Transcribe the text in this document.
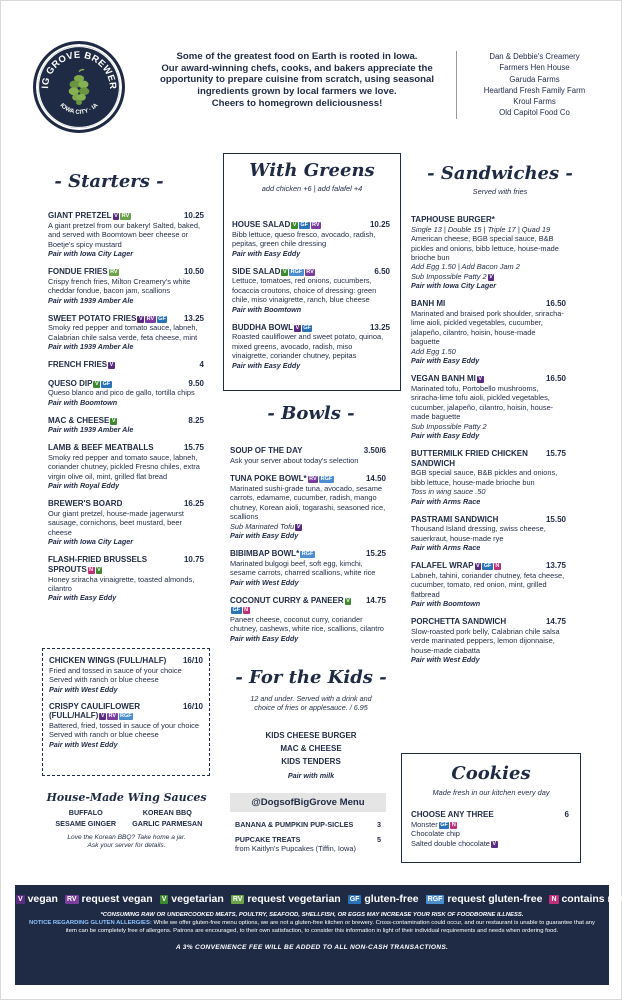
IG GROVE BREWER
IOWA CITY · IA
Some of the greatest food on Earth is rooted in Iowa.
Our award-winning chefs, cooks, and bakers appreciate the
opportunity to prepare cuisine from scratch, using seasonal
ingredients grown by local farmers we love.
Cheers to homegrown deliciousness!
Dan & Debbie's Creamery
Farmers Hen House
Garuda Farms
Heartland Fresh Family Farm
Kroul Farms
Old Capitol Food Co
- Starters -
GIANT PRETZEL V RV	10.25
A giant pretzel from our bakery! Salted, baked, and served with Boomtown beer cheese or Boetje's spicy mustard
Pair with Iowa City Lager
FONDUE FRIES RV	10.50
Crispy french fries, Milton Creamery's white cheddar fondue, bacon jam, scallions
Pair with 1939 Amber Ale
SWEET POTATO FRIES V RV GF	13.25
Smoky red pepper and tomato sauce, labneh, Calabrian chile salsa verde, feta cheese, mint
Pair with 1939 Amber Ale
FRENCH FRIES V	4
QUESO DIP V GF	9.50
Queso blanco and pico de gallo, tortilla chips
Pair with Boomtown
MAC & CHEESE V	8.25
Pair with 1939 Amber Ale
LAMB & BEEF MEATBALLS	15.75
Smoky red pepper and tomato sauce, labneh, coriander chutney, pickled Fresno chiles, extra virgin olive oil, mint, grilled flat bread
Pair with Royal Eddy
BREWER'S BOARD	16.25
Our giant pretzel, house-made jagerwurst sausage, cornichons, beet mustard, beer cheese
Pair with Iowa City Lager
FLASH-FRIED BRUSSELS SPROUTS N V
10.75
Honey sriracha vinaigrette, toasted almonds, cilantro
Pair with Easy Eddy
CHICKEN WINGS (FULL/HALF)	16/10
Fried and tossed in sauce of your choice
Served with ranch or blue cheese
Pair with West Eddy
CRISPY CAULIFLOWER (FULL/HALF) V RV RGF
16/10
Battered, fried, tossed in sauce of your choice
Served with ranch or blue cheese
Pair with West Eddy
House-Made Wing Sauces
BUFFALO	KOREAN BBQ
SESAME GINGER	GARLIC PARMESAN
Love the Korean BBQ? Take home a jar. Ask your server for details.
With Greens
add chicken +6 | add falafel +4
HOUSE SALAD V GF RV	10.25
Bibb lettuce, queso fresco, avocado, radish, pepitas, green chile dressing
Pair with Easy Eddy
SIDE SALAD V RGF RV	6.50
Lettuce, tomatoes, red onions, cucumbers, focaccia croutons, choice of dressing: green chile, miso vinaigrette, ranch, blue cheese
Pair with Boomtown
BUDDHA BOWL V GF	13.25
Roasted cauliflower and sweet potato, quinoa, mixed greens, avocado, radish, miso vinaigrette, coriander chutney, pepitas
Pair with Easy Eddy
- Bowls -
SOUP OF THE DAY	3.50/6
Ask your server about today's selection
TUNA POKE BOWL* RV RGF	14.50
Marinated sushi-grade tuna, avocado, sesame carrots, edamame, cucumber, radish, mango chutney, Korean aioli, togarashi, seasoned rice, scallions
Sub Marinated Tofu V
Pair with Easy Eddy
BIBIMBAP BOWL* RGF	15.25
Marinated bulgogi beef, soft egg, kimchi, sesame carrots, charred scallions, white rice
Pair with West Eddy
COCONUT CURRY & PANEER VGF N
14.75
Paneer cheese, coconut curry, coriander chutney, cashews, white rice, scallions, cilantro
Pair with Easy Eddy
- For the Kids -
12 and under. Served with a drink and choice of fries or applesauce. / 6.95
KIDS CHEESE BURGER
MAC & CHEESE
KIDS TENDERS
Pair with milk
@DogsofBigGrove Menu
BANANA & PUMPKIN PUP-SICLES	3
PUPCAKE TREATS	5
from Kaitlyn's Pupcakes (Tiffin, Iowa)
- Sandwiches -
Served with fries
TAPHOUSE BURGER*
Single 13 | Double 15 | Triple 17 | Quad 19
American cheese, BGB special sauce, B&B pickles and onions, bibb lettuce, house-made brioche bun
Add Egg 1.50 | Add Bacon Jam 2
Sub Impossible Patty 2 V
Pair with Iowa City Lager
BANH MI	16.50
Marinated and braised pork shoulder, sriracha-lime aioli, pickled vegetables, cucumber, jalapeño, cilantro, hoisin, house-made baguette
Add Egg 1.50
Pair with Easy Eddy
VEGAN BANH MI V	16.50
Marinated tofu, Portobello mushrooms, sriracha-lime tofu aioli, pickled vegetables, cucumber, jalapeño, cilantro, hoisin, house-made baguette
Sub Impossible Patty 2
Pair with Easy Eddy
BUTTERMILK FRIED CHICKEN SANDWICH
15.75
BGB special sauce, B&B pickles and onions, bibb lettuce, house-made brioche bun
Toss in wing sauce .50
Pair with Arms Race
PASTRAMI SANDWICH	15.50
Thousand Island dressing, swiss cheese, sauerkraut, house-made rye
Pair with Arms Race
FALAFEL WRAP V GF N	13.75
Labneh, tahini, coriander chutney, feta cheese, cucumber, tomato, red onion, mint, grilled flatbread
Pair with Boomtown
PORCHETTA SANDWICH	14.75
Slow-roasted pork belly, Calabrian chile salsa verde marinated peppers, lemon dijonnaise, house-made ciabatta
Pair with West Eddy
Cookies
Made fresh in our kitchen every day
CHOOSE ANY THREE	6
Monster GF N
Chocolate chip
Salted double chocolate V
V vegan RV request vegan V vegetarian RV request vegetarian GF gluten-free RGF request gluten-free N contains nuts
*CONSUMING RAW OR UNDERCOOKED MEATS, POULTRY, SEAFOOD, SHELLFISH, OR EGGS MAY INCREASE YOUR RISK OF FOODBORNE ILLNESS.
NOTICE REGARDING GLUTEN ALLERGIES: While we offer gluten-free menu options, we are not a gluten-free kitchen or brewery. Cross-contamination could occur, and our restaurant is unable to guarantee that any item can be completely free of allergens. Patrons are encouraged, to their own satisfaction, to consider this information in light of their individual requirements and needs when ordering food.
A 3% CONVENIENCE FEE WILL BE ADDED TO ALL NON-CASH TRANSACTIONS.
